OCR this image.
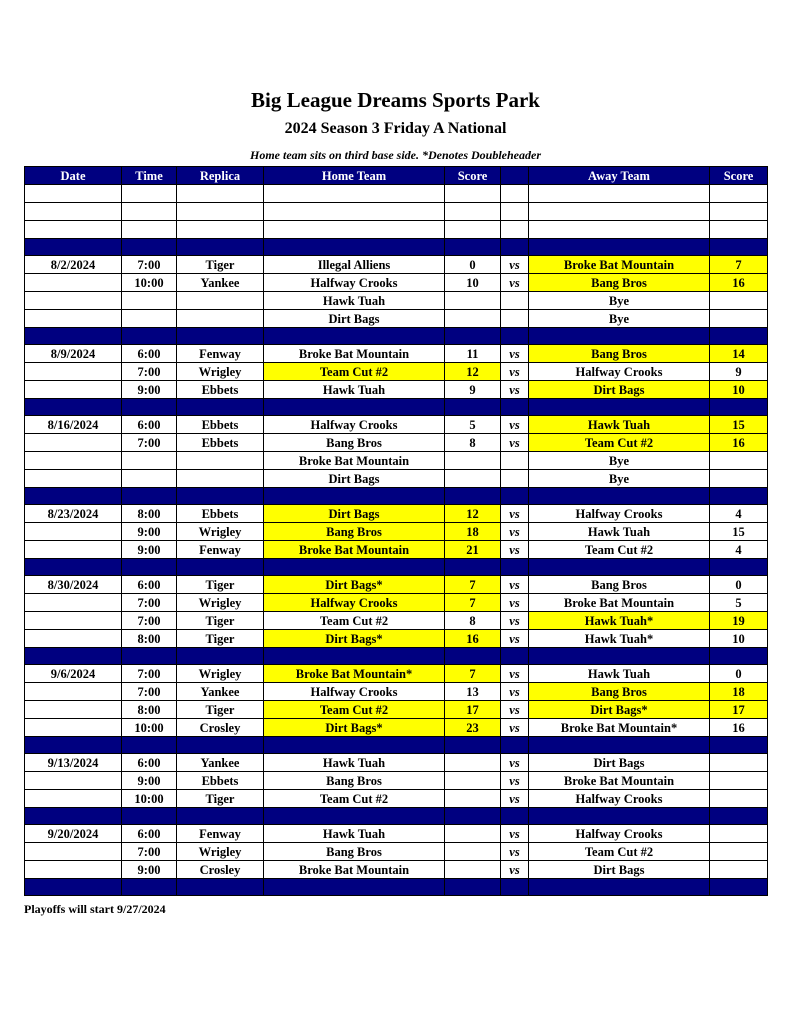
Big League Dreams Sports Park
2024 Season 3 Friday A National
Home team sits on third base side. *Denotes Doubleheader
Date	Time	Replica	Home Team	Score		Away Team	Score

8/2/2024	7:00	Tiger	Illegal Alliens	0	vs	Broke Bat Mountain	7
	10:00	Yankee	Halfway Crooks	10	vs	Bang Bros	16
			Hawk Tuah			Bye	
			Dirt Bags			Bye	

8/9/2024	6:00	Fenway	Broke Bat Mountain	11	vs	Bang Bros	14
	7:00	Wrigley	Team Cut #2	12	vs	Halfway Crooks	9
	9:00	Ebbets	Hawk Tuah	9	vs	Dirt Bags	10

8/16/2024	6:00	Ebbets	Halfway Crooks	5	vs	Hawk Tuah	15
	7:00	Ebbets	Bang Bros	8	vs	Team Cut #2	16
			Broke Bat Mountain			Bye	
			Dirt Bags			Bye	

8/23/2024	8:00	Ebbets	Dirt Bags	12	vs	Halfway Crooks	4
	9:00	Wrigley	Bang Bros	18	vs	Hawk Tuah	15
	9:00	Fenway	Broke Bat Mountain	21	vs	Team Cut #2	4

8/30/2024	6:00	Tiger	Dirt Bags*	7	vs	Bang Bros	0
	7:00	Wrigley	Halfway Crooks	7	vs	Broke Bat Mountain	5
	7:00	Tiger	Team Cut #2	8	vs	Hawk Tuah*	19
	8:00	Tiger	Dirt Bags*	16	vs	Hawk Tuah*	10

9/6/2024	7:00	Wrigley	Broke Bat Mountain*	7	vs	Hawk Tuah	0
	7:00	Yankee	Halfway Crooks	13	vs	Bang Bros	18
	8:00	Tiger	Team Cut #2	17	vs	Dirt Bags*	17
	10:00	Crosley	Dirt Bags*	23	vs	Broke Bat Mountain*	16

9/13/2024	6:00	Yankee	Hawk Tuah		vs	Dirt Bags	
	9:00	Ebbets	Bang Bros		vs	Broke Bat Mountain	
	10:00	Tiger	Team Cut #2		vs	Halfway Crooks	

9/20/2024	6:00	Fenway	Hawk Tuah		vs	Halfway Crooks	
	7:00	Wrigley	Bang Bros		vs	Team Cut #2	
	9:00	Crosley	Broke Bat Mountain		vs	Dirt Bags	

Playoffs will start 9/27/2024
